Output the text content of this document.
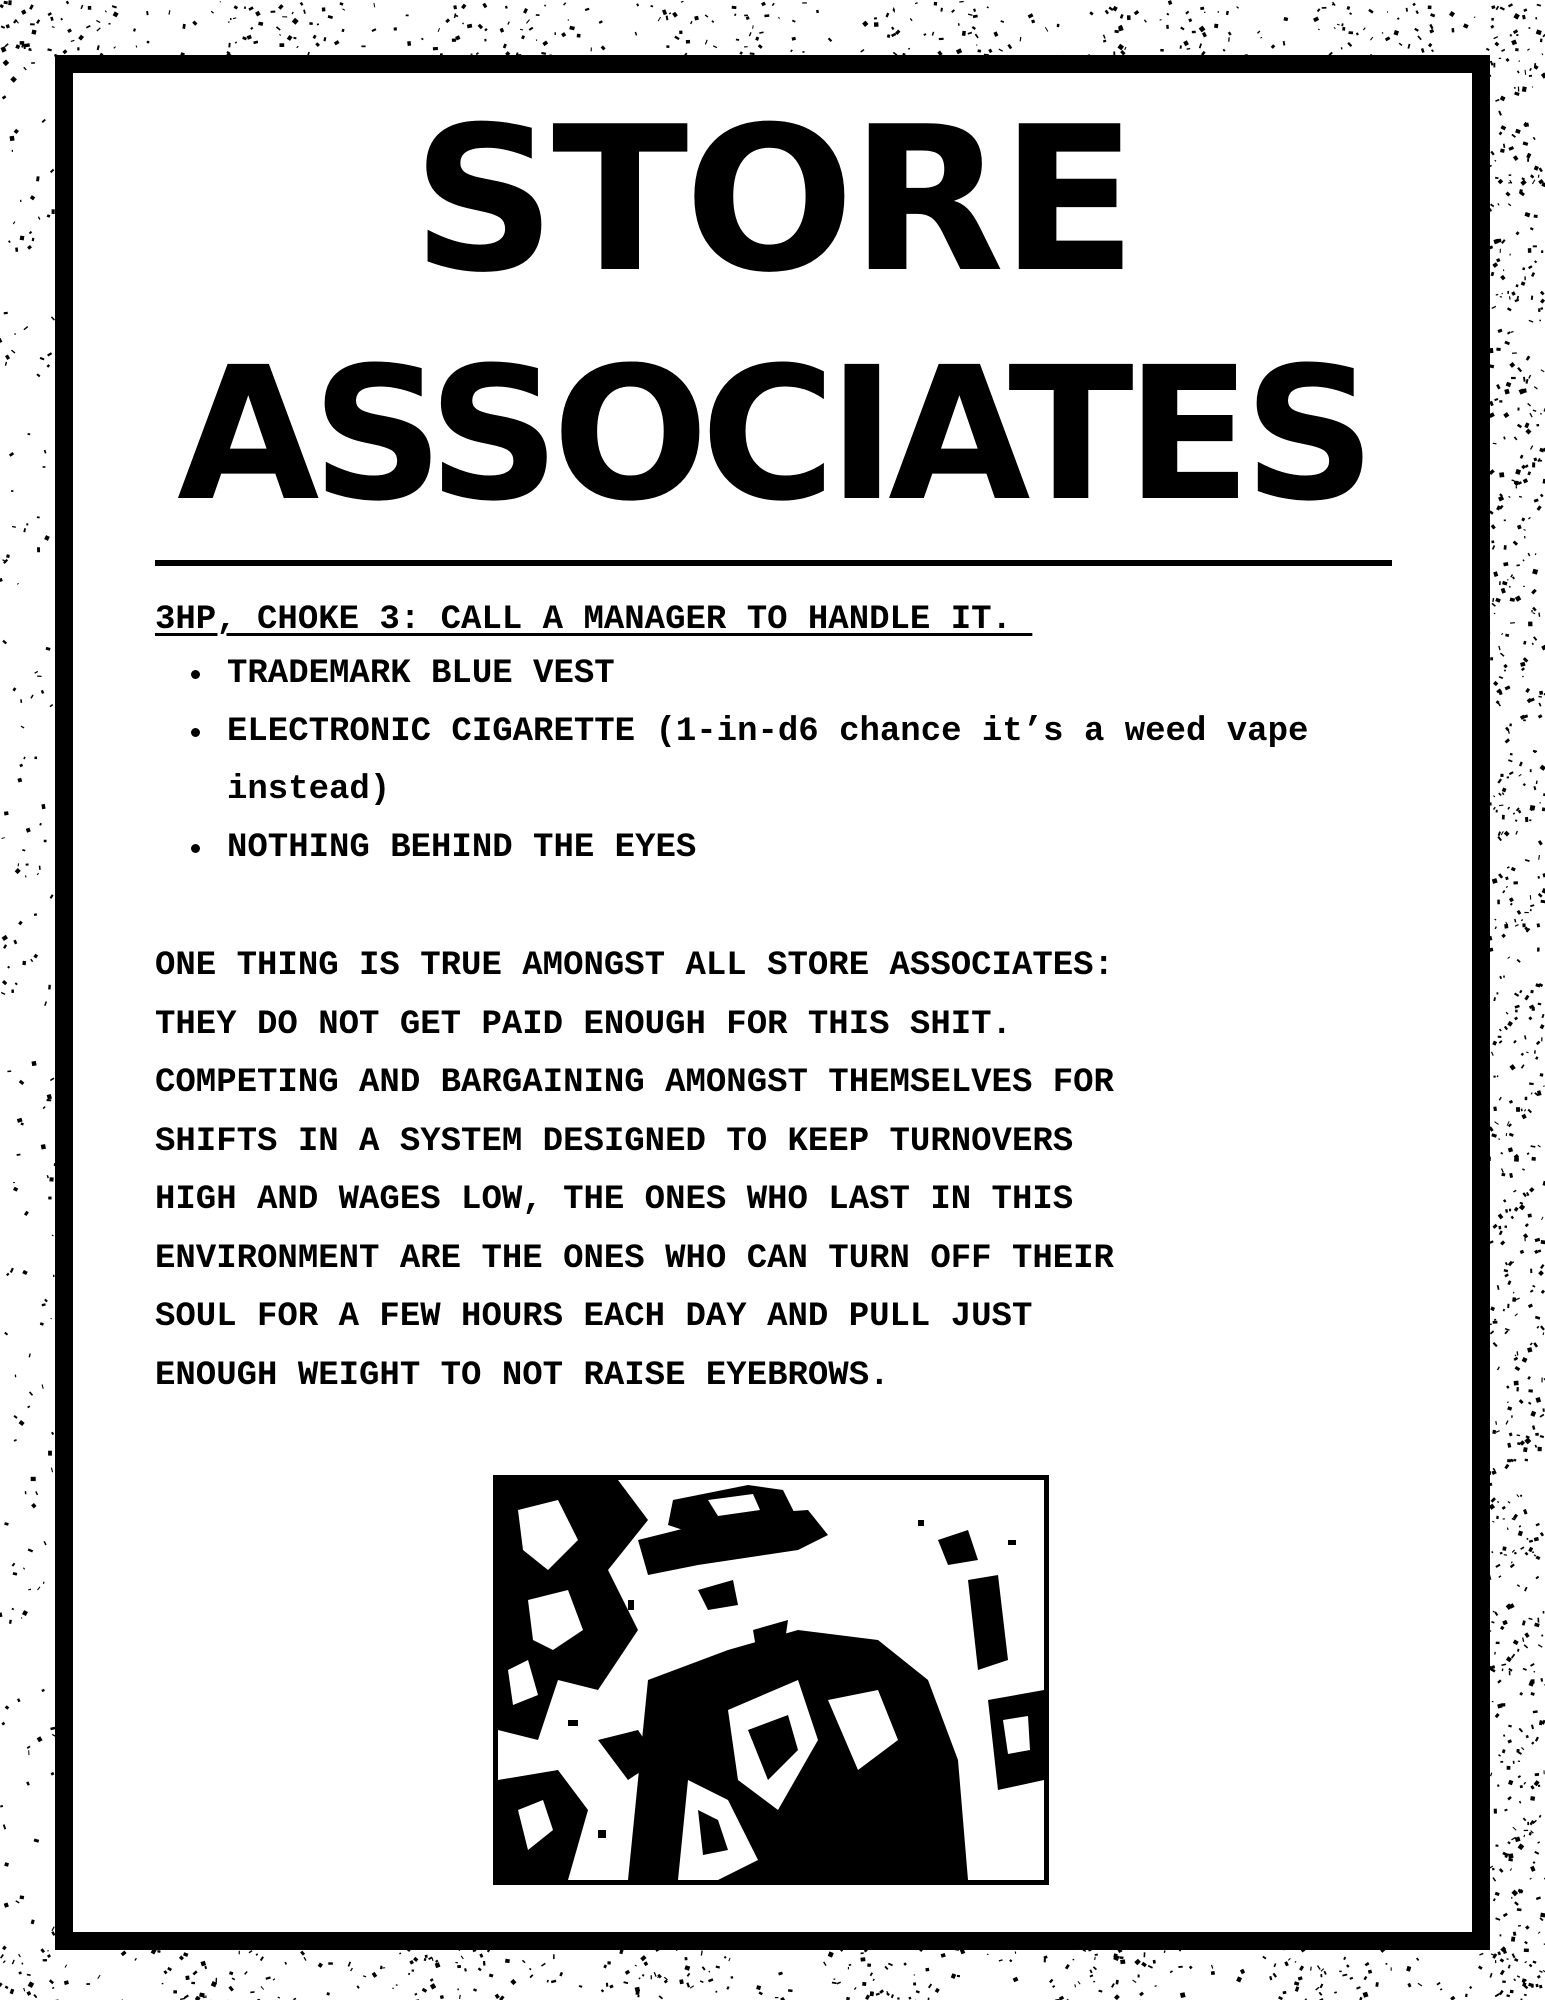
STORE
ASSOCIATES

3HP, CHOKE 3: CALL A MANAGER TO HANDLE IT.

TRADEMARK BLUE VEST
ELECTRONIC CIGARETTE (1-in-d6 chance it’s a weed vape instead)
NOTHING BEHIND THE EYES

ONE THING IS TRUE AMONGST ALL STORE ASSOCIATES:
THEY DO NOT GET PAID ENOUGH FOR THIS SHIT.
COMPETING AND BARGAINING AMONGST THEMSELVES FOR
SHIFTS IN A SYSTEM DESIGNED TO KEEP TURNOVERS
HIGH AND WAGES LOW, THE ONES WHO LAST IN THIS
ENVIRONMENT ARE THE ONES WHO CAN TURN OFF THEIR
SOUL FOR A FEW HOURS EACH DAY AND PULL JUST
ENOUGH WEIGHT TO NOT RAISE EYEBROWS.
